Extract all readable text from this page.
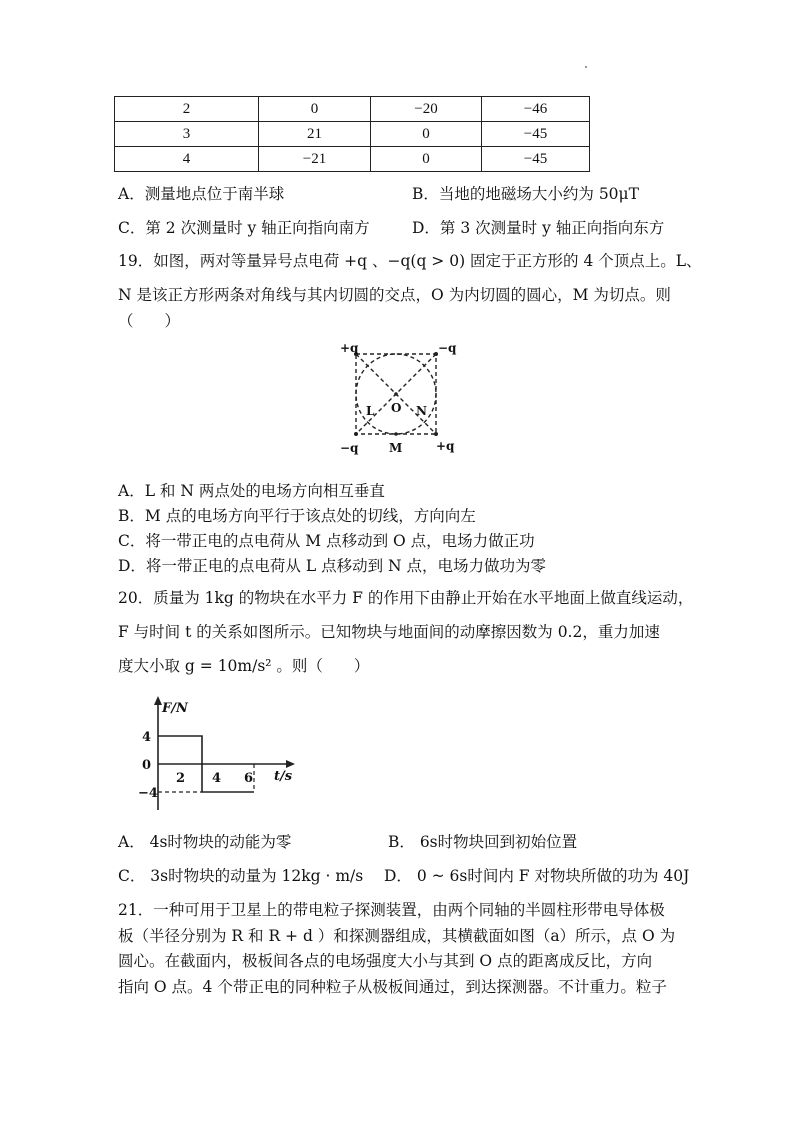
2	0	−20	−46
3	21	0	−45
4	−21	0	−45
A．测量地点位于南半球	B．当地的地磁场大小约为 50μT
C．第 2 次测量时 y 轴正向指向南方	D．第 3 次测量时 y 轴正向指向东方
19．如图，两对等量异号点电荷 +q 、−q(q > 0) 固定于正方形的 4 个顶点上。L、
N 是该正方形两条对角线与其内切圆的交点，O 为内切圆的圆心，M 为切点。则
（　　）
+q	−q
−q	+q
L O N
M
A．L 和 N 两点处的电场方向相互垂直
B．M 点的电场方向平行于该点处的切线，方向向左
C．将一带正电的点电荷从 M 点移动到 O 点，电场力做正功
D．将一带正电的点电荷从 L 点移动到 N 点，电场力做功为零
20．质量为 1kg 的物块在水平力 F 的作用下由静止开始在水平地面上做直线运动，
F 与时间 t 的关系如图所示。已知物块与地面间的动摩擦因数为 0.2，重力加速
度大小取 g = 10m/s² 。则（　　）
F/N
t/s
4
0
−4
2 4 6
A． 4s时物块的动能为零	B． 6s时物块回到初始位置
C． 3s时物块的动量为 12kg · m/s D． 0 ~ 6s时间内 F 对物块所做的功为 40J
21．一种可用于卫星上的带电粒子探测装置，由两个同轴的半圆柱形带电导体极
板（半径分别为 R 和 R + d ）和探测器组成，其横截面如图（a）所示，点 O 为
圆心。在截面内，极板间各点的电场强度大小与其到 O 点的距离成反比，方向
指向 O 点。4 个带正电的同种粒子从极板间通过，到达探测器。不计重力。粒子
